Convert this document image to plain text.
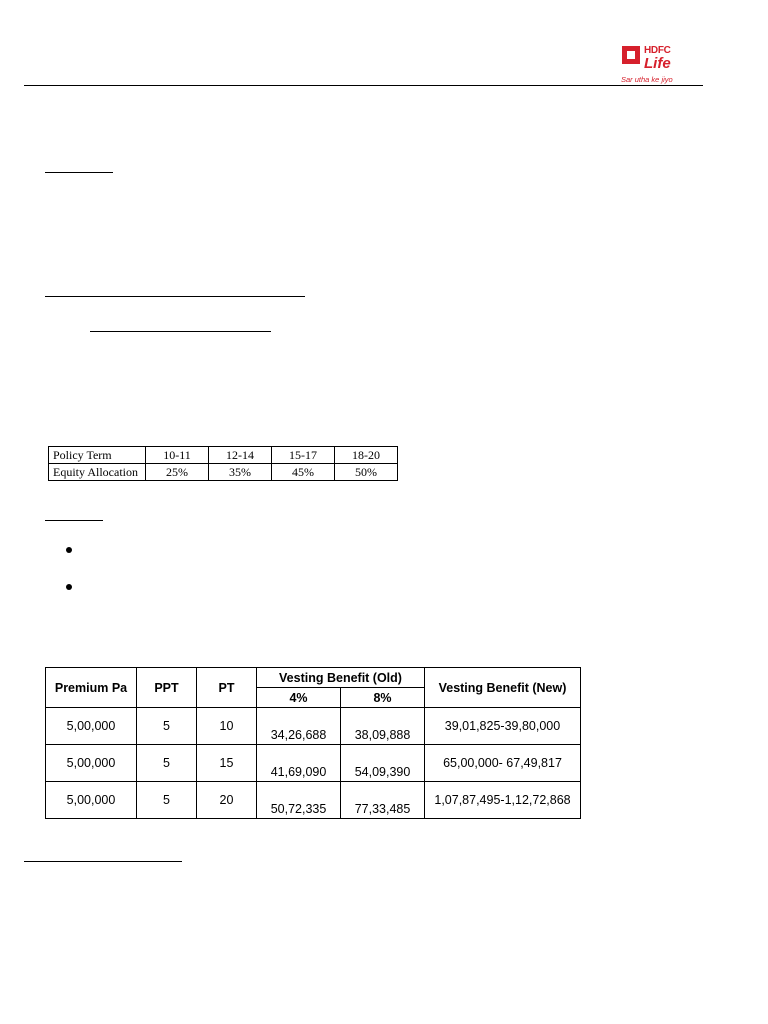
HDFC
Life
Sar utha ke jiyo
Policy Term	10-11	12-14	15-17	18-20
Equity Allocation	25%	35%	45%	50%
Premium Pa	PPT	PT	Vesting Benefit (Old)		Vesting Benefit (New)
			4%	8%	
5,00,000	5	10	34,26,688	38,09,888	39,01,825-39,80,000
5,00,000	5	15	41,69,090	54,09,390	65,00,000- 67,49,817
5,00,000	5	20	50,72,335	77,33,485	1,07,87,495-1,12,72,868
